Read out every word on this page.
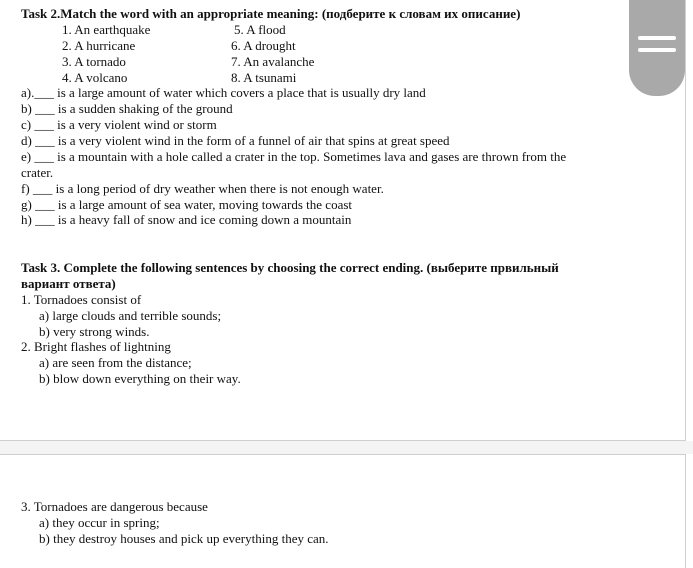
Task 2.Match the word with an appropriate meaning: (подберите к словам их описание)
1. An earthquake
2. A hurricane
3. A tornado
4. A volcano
5. A flood
6. A drought
7. An avalanche
8. A tsunami
a).___ is a large amount of water which covers a place that is usually dry land
b) ___ is a sudden shaking of the ground
c) ___ is a very violent wind or storm
d) ___ is a very violent wind in the form of a funnel of air that spins at great speed
e) ___ is a mountain with a hole called a crater in the top. Sometimes lava and gases are thrown from the
crater.
f) ___ is a long period of dry weather when there is not enough water.
g) ___ is a large amount of sea water, moving towards the coast
h) ___ is a heavy fall of snow and ice coming down a mountain
Task 3. Complete the following sentences by choosing the correct ending. (выберите првильный
вариант ответа)
1. Tornadoes consist of
a) large clouds and terrible sounds;
b) very strong winds.
2. Bright flashes of lightning
a) are seen from the distance;
b) blow down everything on their way.
3. Tornadoes are dangerous because
a) they occur in spring;
b) they destroy houses and pick up everything they can.
